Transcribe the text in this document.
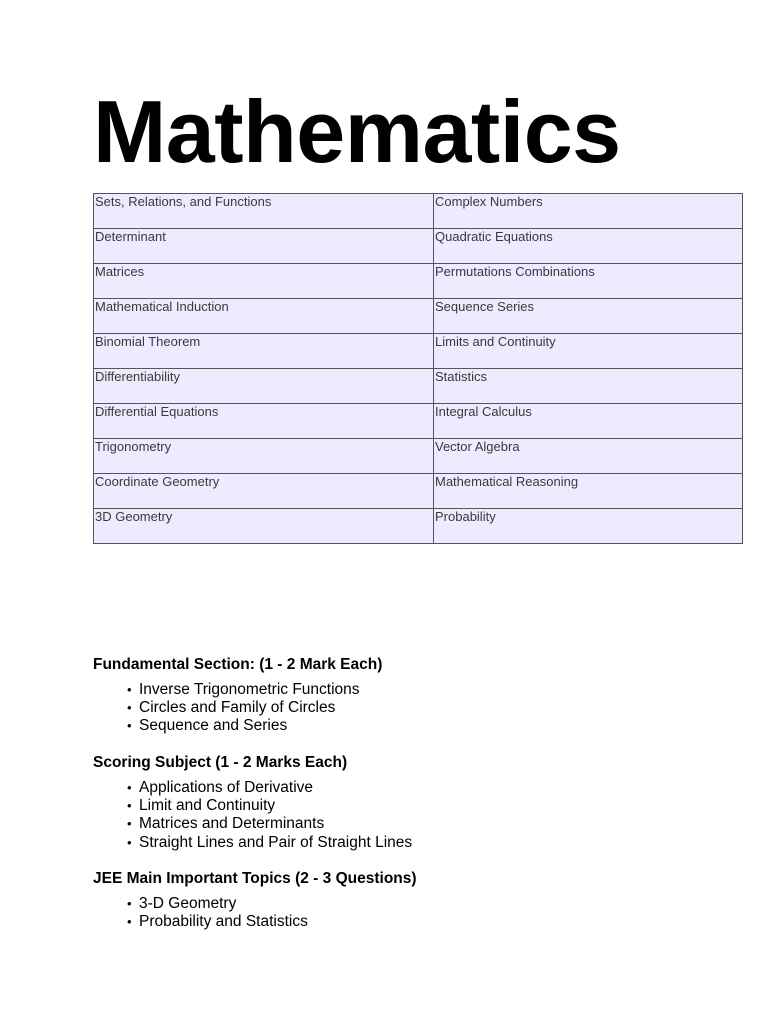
Mathematics
Sets, Relations, and Functions	Complex Numbers

Determinant	Quadratic Equations

Matrices	Permutations Combinations

Mathematical Induction	Sequence Series

Binomial Theorem	Limits and Continuity

Differentiability	Statistics

Differential Equations	Integral Calculus

Trigonometry	Vector Algebra

Coordinate Geometry	Mathematical Reasoning

3D Geometry	Probability
Fundamental Section: (1 - 2 Mark Each)
• Inverse Trigonometric Functions
• Circles and Family of Circles
• Sequence and Series
Scoring Subject (1 - 2 Marks Each)
• Applications of Derivative
• Limit and Continuity
• Matrices and Determinants
• Straight Lines and Pair of Straight Lines
JEE Main Important Topics (2 - 3 Questions)
• 3-D Geometry
• Probability and Statistics
